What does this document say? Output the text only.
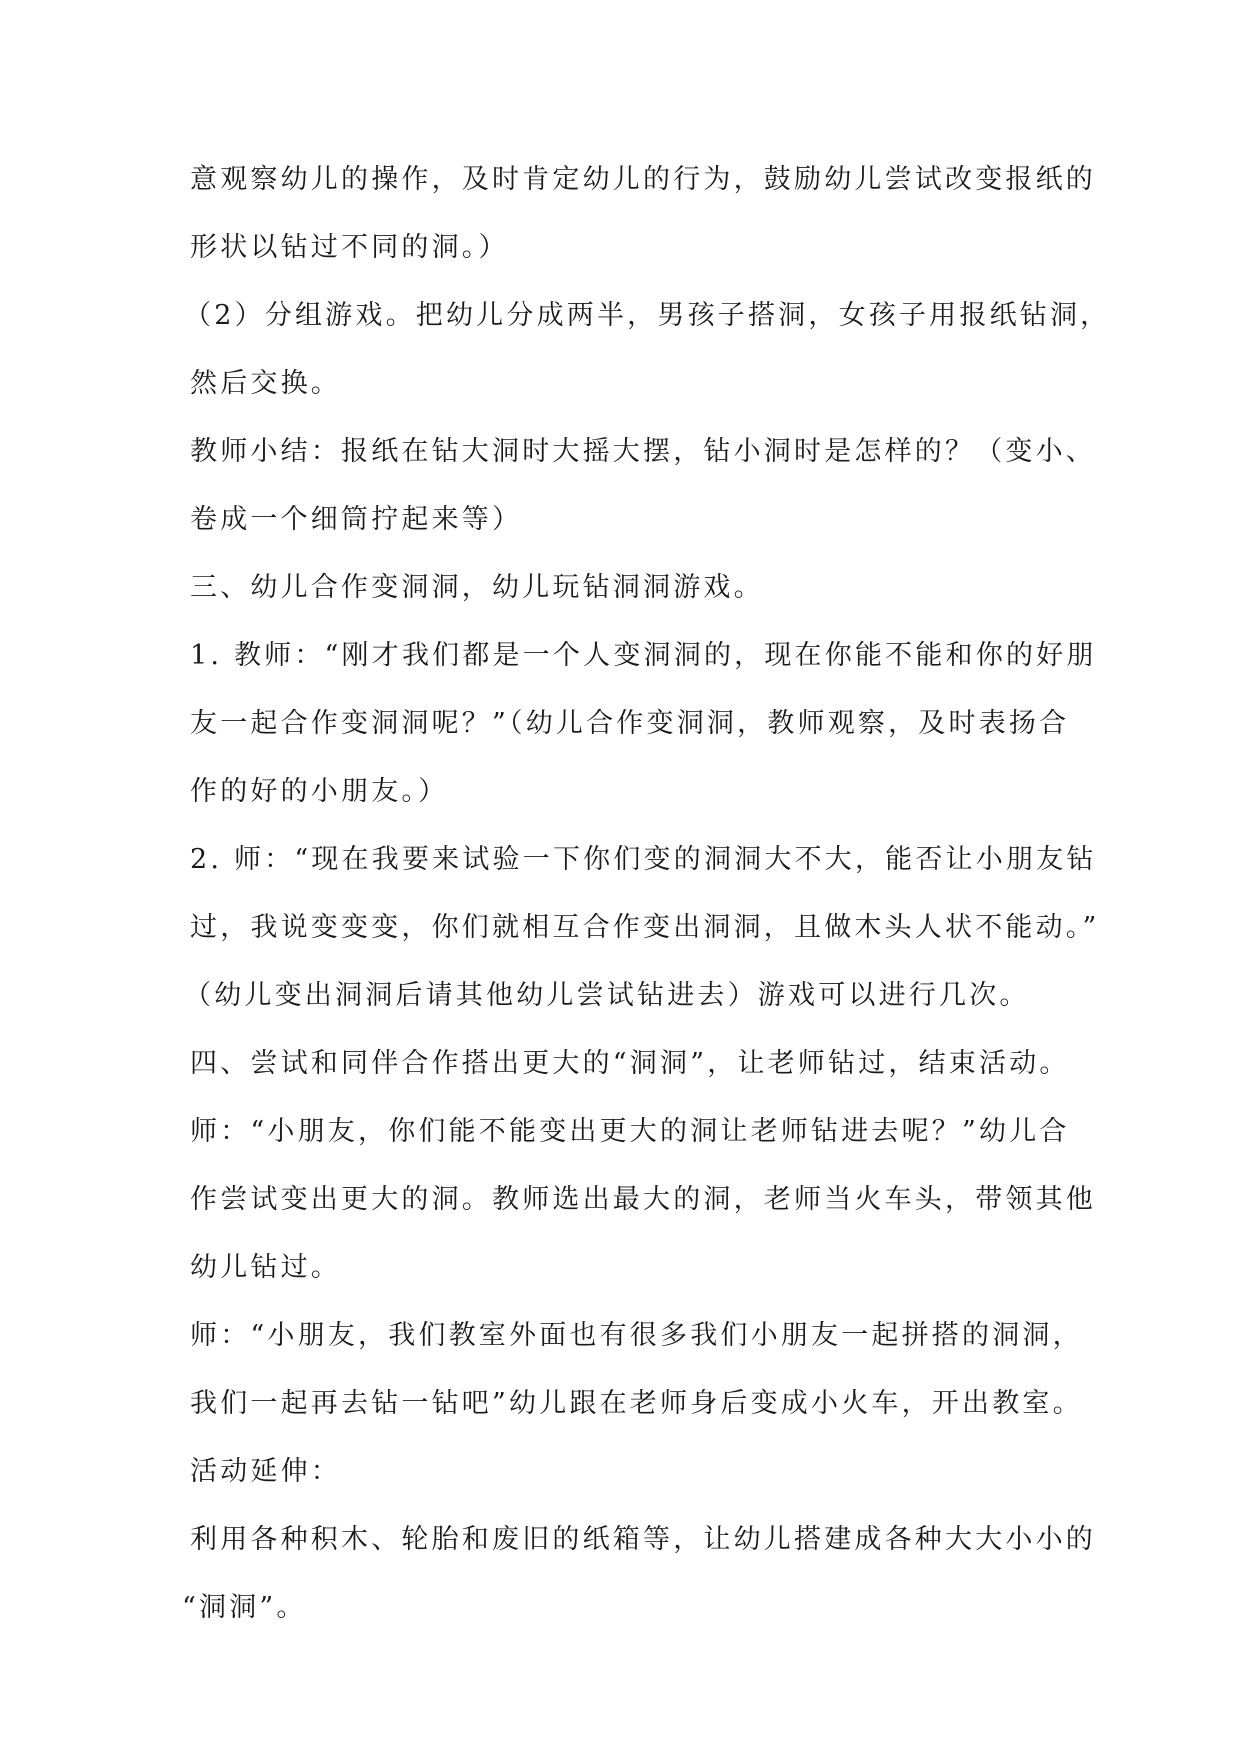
意观察幼儿的操作，及时肯定幼儿的行为，鼓励幼儿尝试改变报纸的

形状以钻过不同的洞。）

（2）分组游戏。把幼儿分成两半，男孩子搭洞，女孩子用报纸钻洞，

然后交换。

教师小结：报纸在钻大洞时大摇大摆，钻小洞时是怎样的？（变小、

卷成一个细筒拧起来等）

三、幼儿合作变洞洞，幼儿玩钻洞洞游戏。

1. 教师：“刚才我们都是一个人变洞洞的，现在你能不能和你的好朋

友一起合作变洞洞呢？”（幼儿合作变洞洞，教师观察，及时表扬合

作的好的小朋友。）

2. 师：“现在我要来试验一下你们变的洞洞大不大，能否让小朋友钻

过，我说变变变，你们就相互合作变出洞洞，且做木头人状不能动。”

（幼儿变出洞洞后请其他幼儿尝试钻进去）游戏可以进行几次。

四、尝试和同伴合作搭出更大的“洞洞”，让老师钻过，结束活动。

师：“小朋友，你们能不能变出更大的洞让老师钻进去呢？”幼儿合

作尝试变出更大的洞。教师选出最大的洞，老师当火车头，带领其他

幼儿钻过。

师：“小朋友，我们教室外面也有很多我们小朋友一起拼搭的洞洞，

我们一起再去钻一钻吧”幼儿跟在老师身后变成小火车，开出教室。

活动延伸：

利用各种积木、轮胎和废旧的纸箱等，让幼儿搭建成各种大大小小的

“洞洞”。
